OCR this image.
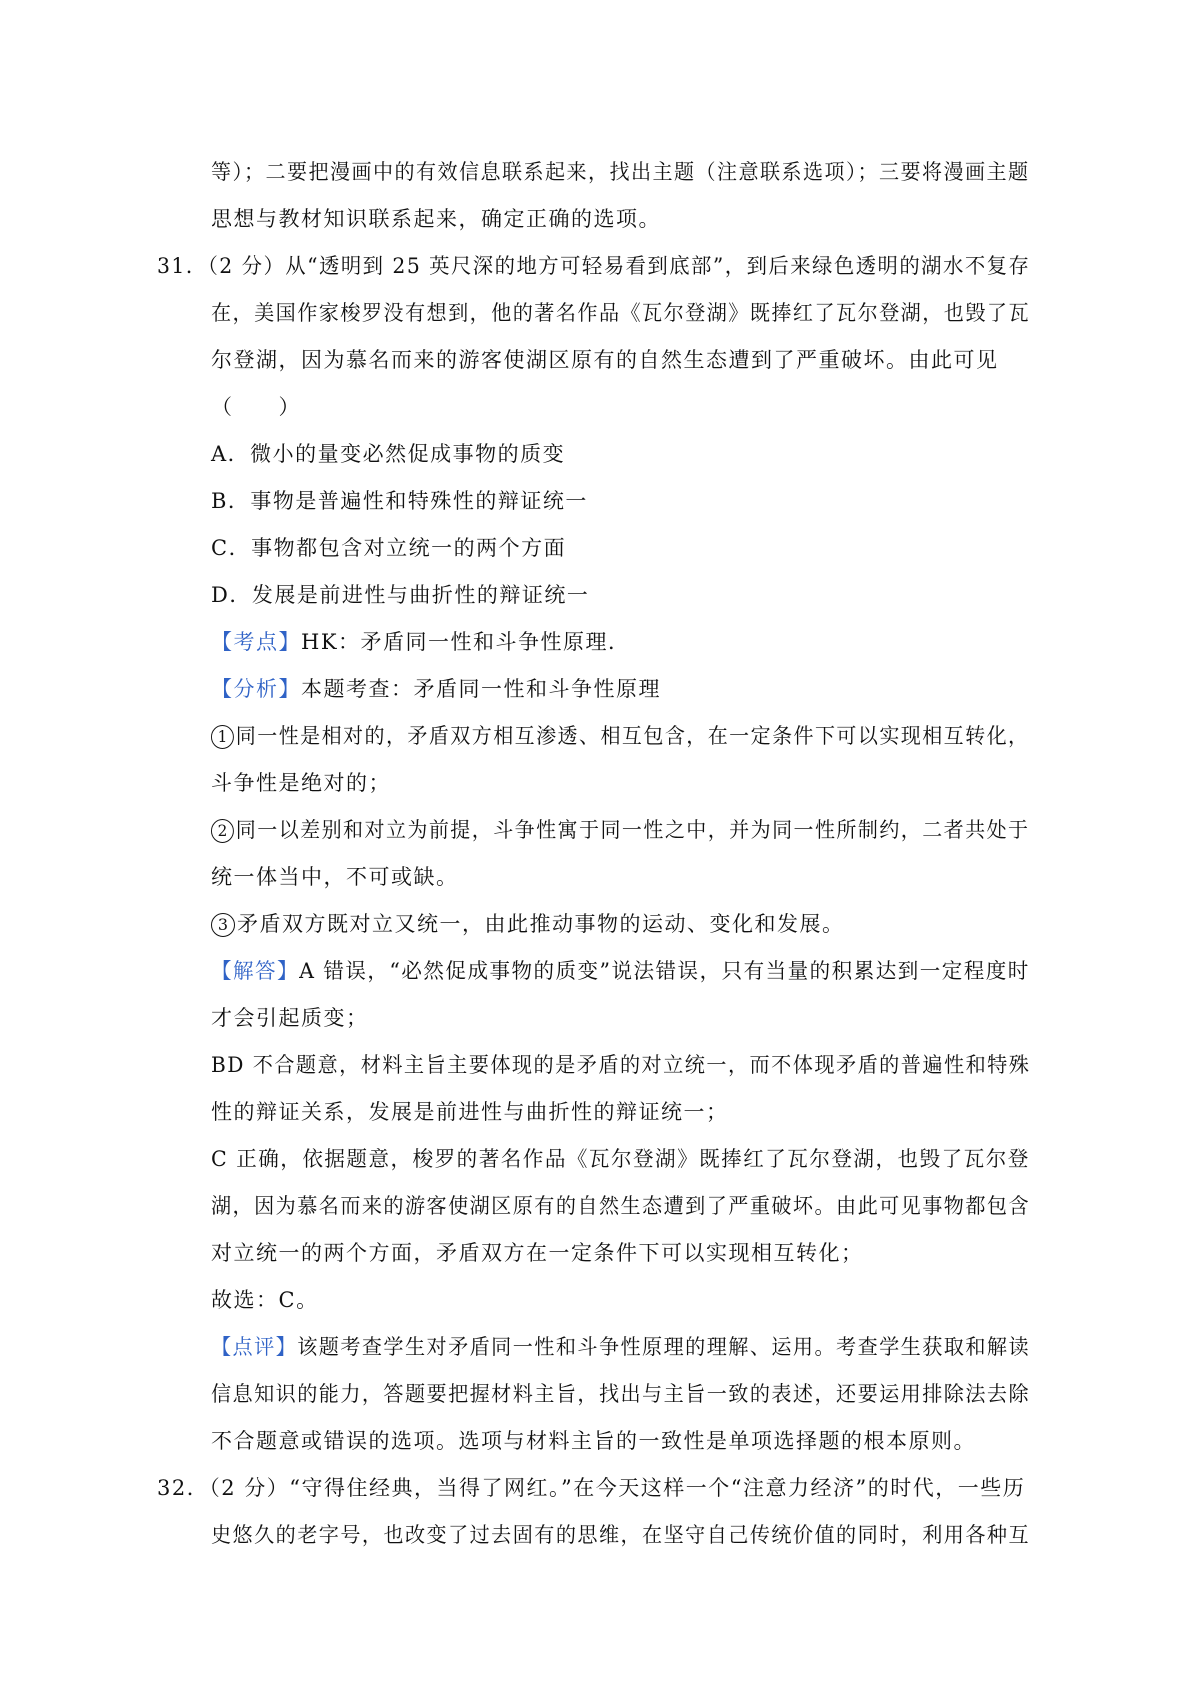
等）；二要把漫画中的有效信息联系起来，找出主题（注意联系选项）；三要将漫画主题
思想与教材知识联系起来，确定正确的选项。
31．（2 分）从“透明到 25 英尺深的地方可轻易看到底部”，到后来绿色透明的湖水不复存
在，美国作家梭罗没有想到，他的著名作品《瓦尔登湖》既捧红了瓦尔登湖，也毁了瓦
尔登湖，因为慕名而来的游客使湖区原有的自然生态遭到了严重破坏。由此可见
（　　）
A．微小的量变必然促成事物的质变
B．事物是普遍性和特殊性的辩证统一
C．事物都包含对立统一的两个方面
D．发展是前进性与曲折性的辩证统一
【考点】HK：矛盾同一性和斗争性原理．
【分析】本题考查：矛盾同一性和斗争性原理
1 同一性是相对的，矛盾双方相互渗透、相互包含，在一定条件下可以实现相互转化，
斗争性是绝对的；
2 同一以差别和对立为前提，斗争性寓于同一性之中，并为同一性所制约，二者共处于
统一体当中，不可或缺。
3 矛盾双方既对立又统一，由此推动事物的运动、变化和发展。
【解答】A 错误，“必然促成事物的质变”说法错误，只有当量的积累达到一定程度时
才会引起质变；
BD 不合题意，材料主旨主要体现的是矛盾的对立统一，而不体现矛盾的普遍性和特殊
性的辩证关系，发展是前进性与曲折性的辩证统一；
C 正确，依据题意，梭罗的著名作品《瓦尔登湖》既捧红了瓦尔登湖，也毁了瓦尔登
湖，因为慕名而来的游客使湖区原有的自然生态遭到了严重破坏。由此可见事物都包含
对立统一的两个方面，矛盾双方在一定条件下可以实现相互转化；
故选：C。
【点评】该题考查学生对矛盾同一性和斗争性原理的理解、运用。考查学生获取和解读
信息知识的能力，答题要把握材料主旨，找出与主旨一致的表述，还要运用排除法去除
不合题意或错误的选项。选项与材料主旨的一致性是单项选择题的根本原则。
32．（2 分）“守得住经典，当得了网红。”在今天这样一个“注意力经济”的时代，一些历
史悠久的老字号，也改变了过去固有的思维，在坚守自己传统价值的同时，利用各种互
